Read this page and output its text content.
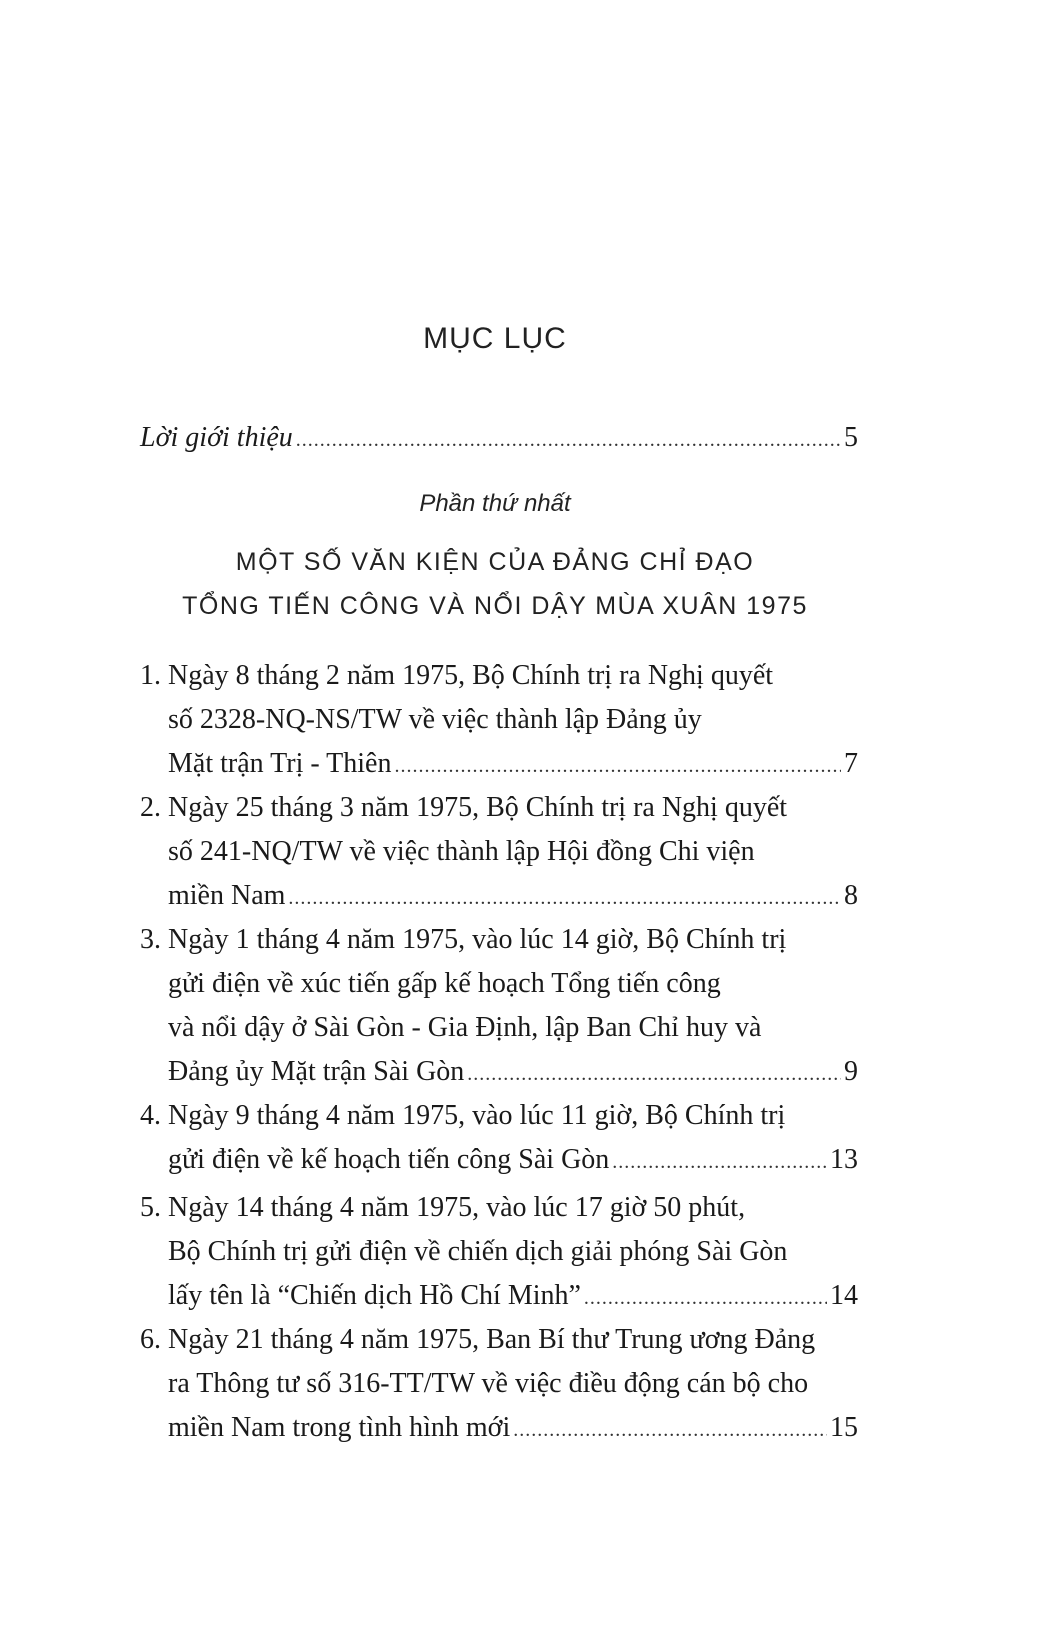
MỤC LỤC
Lời giới thiệu .....	5
Phần thứ nhất
MỘT SỐ VĂN KIỆN CỦA ĐẢNG CHỈ ĐẠO
TỔNG TIẾN CÔNG VÀ NỔI DẬY MÙA XUÂN 1975
1. Ngày 8 tháng 2 năm 1975, Bộ Chính trị ra Nghị quyết
số 2328-NQ-NS/TW về việc thành lập Đảng ủy
Mặt trận Trị - Thiên .....	7
2. Ngày 25 tháng 3 năm 1975, Bộ Chính trị ra Nghị quyết
số 241-NQ/TW về việc thành lập Hội đồng Chi viện
miền Nam .....	8
3. Ngày 1 tháng 4 năm 1975, vào lúc 14 giờ, Bộ Chính trị
gửi điện về xúc tiến gấp kế hoạch Tổng tiến công
và nổi dậy ở Sài Gòn - Gia Định, lập Ban Chỉ huy và
Đảng ủy Mặt trận Sài Gòn .....	9
4. Ngày 9 tháng 4 năm 1975, vào lúc 11 giờ, Bộ Chính trị
gửi điện về kế hoạch tiến công Sài Gòn .....	13
5. Ngày 14 tháng 4 năm 1975, vào lúc 17 giờ 50 phút,
Bộ Chính trị gửi điện về chiến dịch giải phóng Sài Gòn
lấy tên là “Chiến dịch Hồ Chí Minh” .....	14
6. Ngày 21 tháng 4 năm 1975, Ban Bí thư Trung ương Đảng
ra Thông tư số 316-TT/TW về việc điều động cán bộ cho
miền Nam trong tình hình mới .....	15
